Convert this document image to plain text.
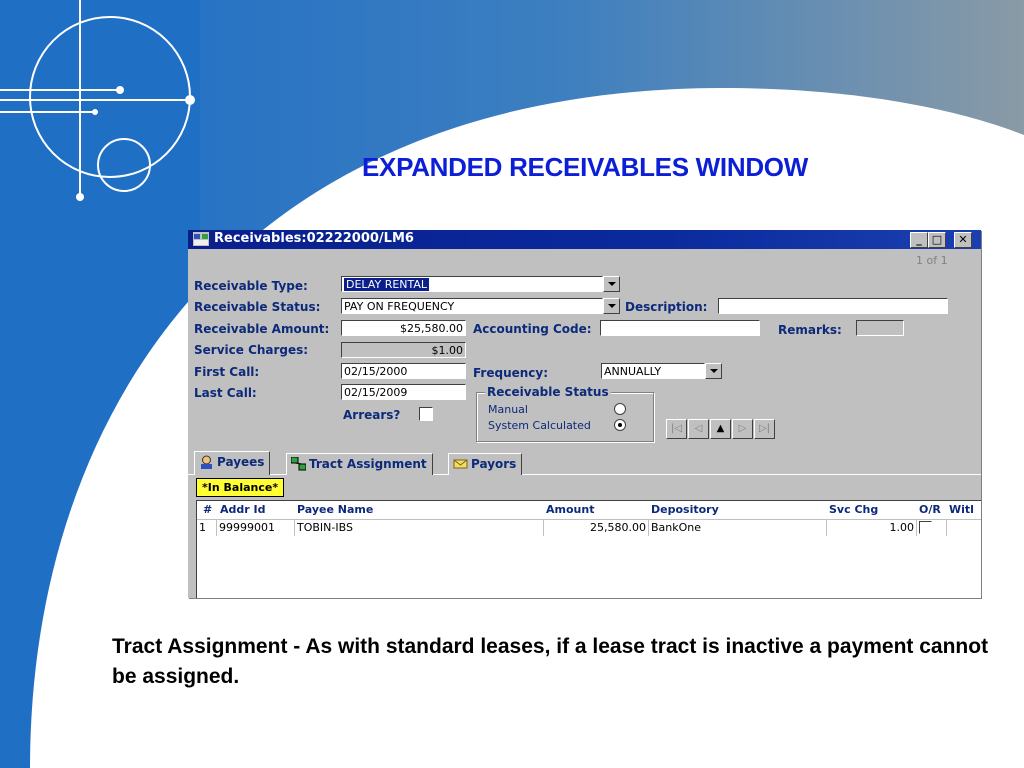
EXPANDED RECEIVABLES WINDOW
Receivables:02222000/LM6	_ □	✕
1 of 1
Receivable Type:	DELAY RENTAL
Receivable Status: PAY ON FREQUENCY	Description:
Receivable Amount:	$25,580.00 Accounting Code:	Remarks:
Service Charges:	$1.00
First Call:	02/15/2000	Frequency:	ANNUALLY
Last Call:	02/15/2009
Arrears?
Receivable Status
Manual
System Calculated	|◁	◁	▲	▷	▷|
Payees	Tract Assignment	Payors
*In Balance*
# Addr Id	Payee Name	Amount	Depository	Svc Chg	O/R Witl
1	99999001	TOBIN-IBS	25,580.00 BankOne	1.00
Tract Assignment - As with standard leases, if a lease tract is inactive a payment cannot be assigned.
